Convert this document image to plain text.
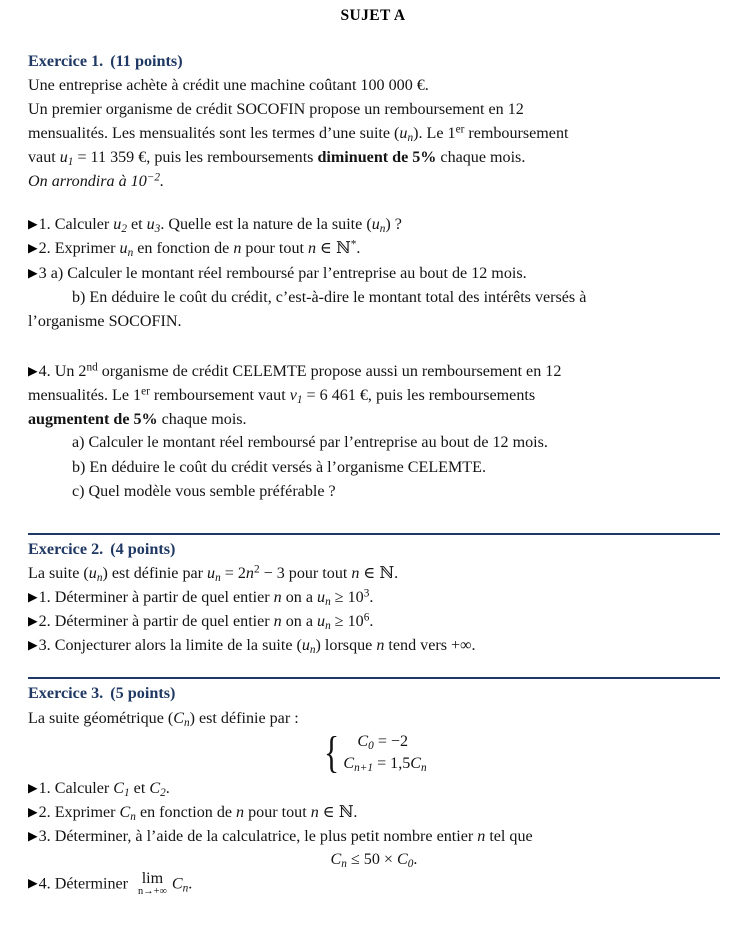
SUJET A
Exercice 1. (11 points)

Une entreprise achète à crédit une machine coûtant 100 000 €.

Un premier organisme de crédit SOCOFIN propose un remboursement en 12

mensualités. Les mensualités sont les termes d’une suite $(u_n)$. Le 1er remboursement

vaut $u_1 = 11$ 359 €, puis les remboursements diminuent de 5% chaque mois.

On arrondira à $10^{-2}$.

▶1. Calculer $u_2$ et $u_3$. Quelle est la nature de la suite $(u_n)$ ?

▶2. Exprimer $u_n$ en fonction de n pour tout n ∈ ℕ*.

▶3 a) Calculer le montant réel remboursé par l’entreprise au bout de 12 mois.

b) En déduire le coût du crédit, c’est-à-dire le montant total des intérêts versés à

l’organisme SOCOFIN.

▶4. Un 2nd organisme de crédit CELEMTE propose aussi un remboursement en 12

mensualités. Le 1er remboursement vaut $v_1 = 6$ 461 €, puis les remboursements

augmentent de 5% chaque mois.

a) Calculer le montant réel remboursé par l’entreprise au bout de 12 mois.

b) En déduire le coût du crédit versés à l’organisme CELEMTE.

c) Quel modèle vous semble préférable ?

Exercice 2. (4 points)

La suite $(u_n)$ est définie par $u_n = 2n^2 - 3$ pour tout n ∈ ℕ.

▶1. Déterminer à partir de quel entier n on a $u_n \ge 10^3$.

▶2. Déterminer à partir de quel entier n on a $u_n \ge 10^6$.

▶3. Conjecturer alors la limite de la suite $(u_n)$ lorsque n tend vers +∞.

Exercice 3. (5 points)

La suite géométrique $(C_n)$ est définie par :

{	$C_0 = -2$
$C_{n+1} = 1,5C_n$

▶1. Calculer $C_1$ et $C_2$.

▶2. Exprimer $C_n$ en fonction de n pour tout n ∈ ℕ.

▶3. Déterminer, à l’aide de la calculatrice, le plus petit nombre entier n tel que

$C_n \le 50 \times C_0$.

▶4. Déterminer lim
n→+∞ $C_n$.
